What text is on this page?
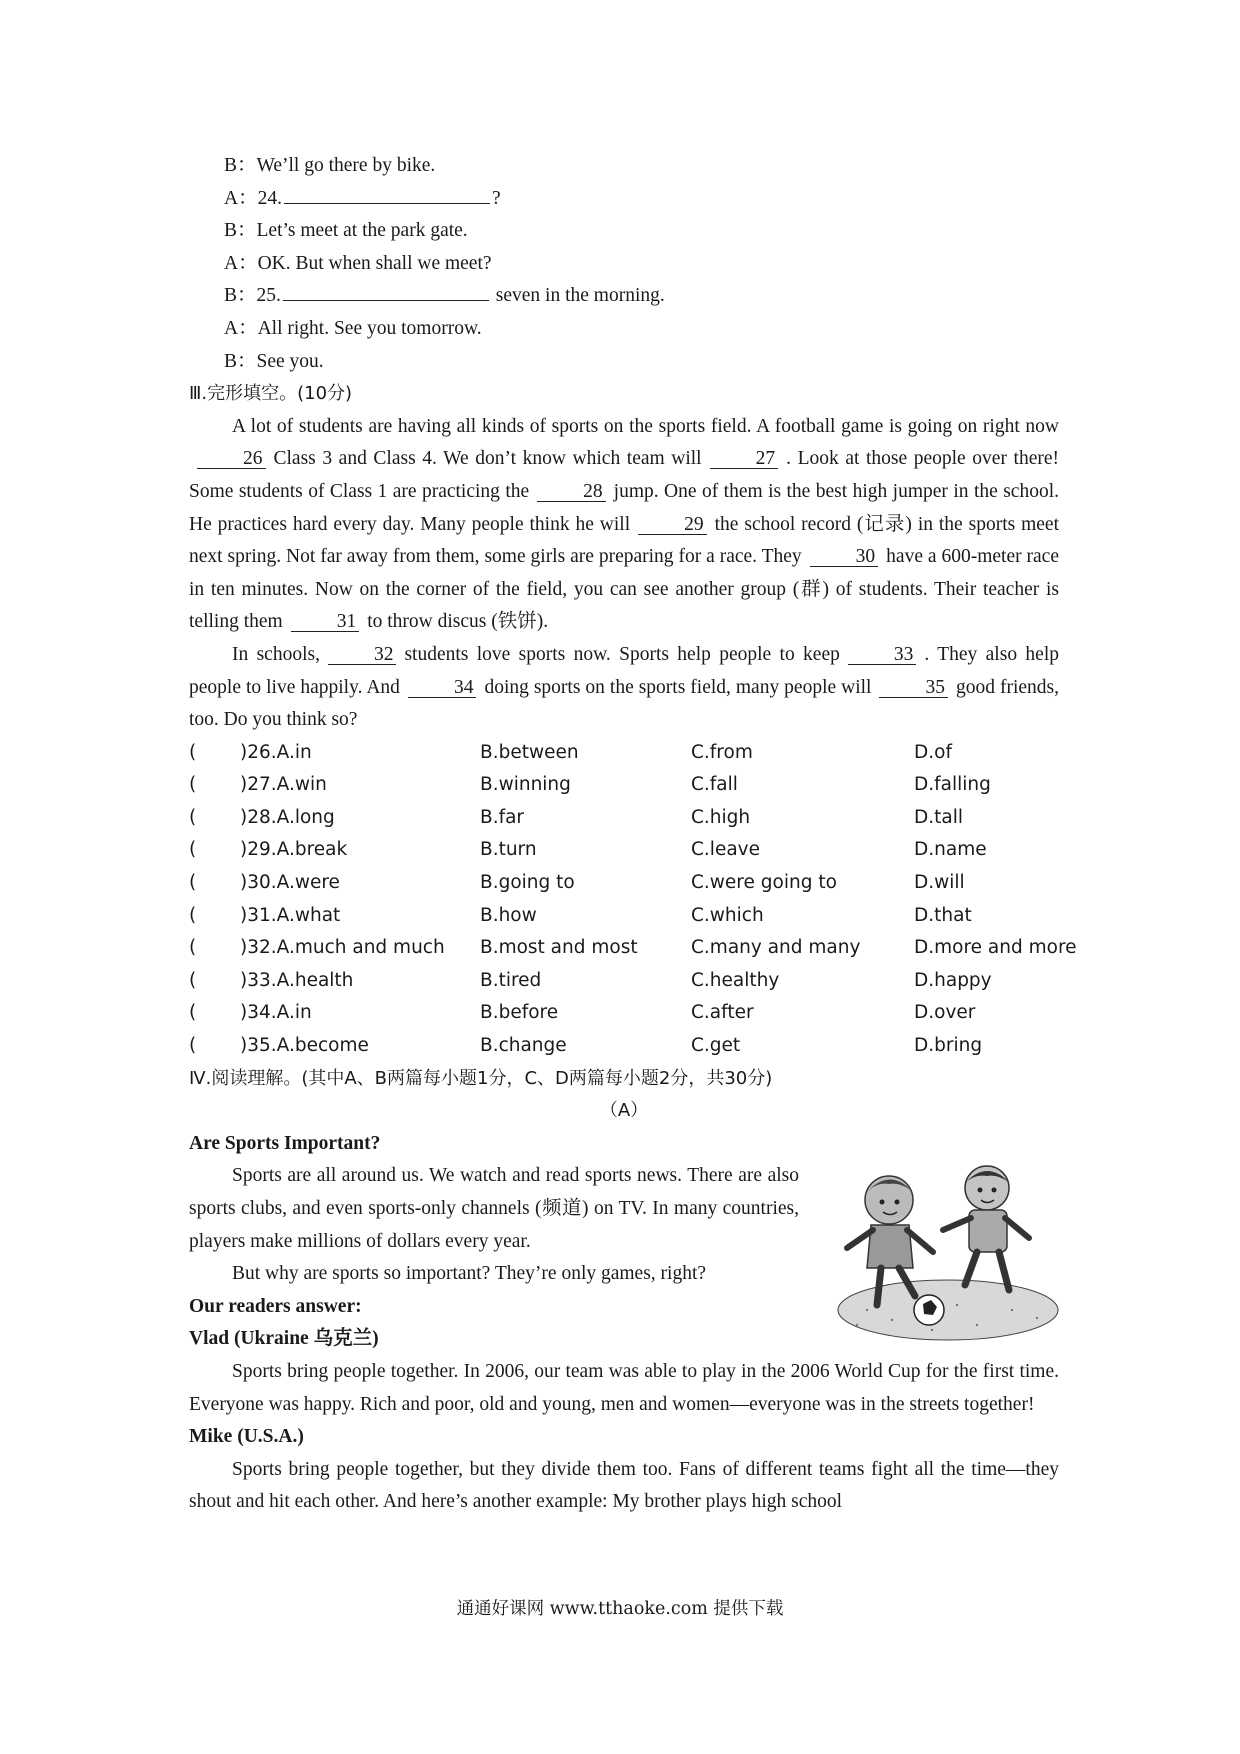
B：We’ll go there by bike.
A：24.	?
B：Let’s meet at the park gate.
A：OK. But when shall we meet?
B：25.	seven in the morning.
A：All right. See you tomorrow.
B：See you.
Ⅲ.完形填空。(10分)

A lot of students are having all kinds of sports on the sports field. A football game is going on right now26 Class 3 and Class 4. We don’t know which team will	27 . Look at those people over there! Some students of Class 1 are practicing the	28 jump. One of them is the best high jumper in the school. He practices hard every day. Many people think he will	29 the school record (记录) in the sports meet next spring. Not far away from them, some girls are preparing for a race. They	30 have a 600-meter race in ten minutes. Now on the corner of the field, you can see another group (群) of students. Their teacher is telling them	31 to throw discus (铁饼).

In schools,	32 students love sports now. Sports help people to keep	33 . They also help people to live happily. And	34 doing sports on the sports field, many people will	35 good friends, too. Do you think so?

( )26.A.in	B.between	C.from	D.of
( )27.A.win	B.winning	C.fall	D.falling
( )28.A.long	B.far	C.high	D.tall
( )29.A.break	B.turn	C.leave	D.name
( )30.A.were	B.going to	C.were going to	D.will
( )31.A.what	B.how	C.which	D.that
( )32.A.much and much B.most and most	C.many and many	D.more and more
( )33.A.health	B.tired	C.healthy	D.happy
( )34.A.in	B.before	C.after	D.over
( )35.A.become	B.change	C.get	D.bring
Ⅳ.阅读理解。(其中A、B两篇每小题1分，C、D两篇每小题2分，共30分)
（A）
Are Sports Important?

Sports are all around us. We watch and read sports news. There are also sports clubs, and even sports-only channels (频道) on TV. In many countries, players make millions of dollars every year.

But why are sports so important? They’re only games, right?

Our readers answer:
Vlad (Ukraine 乌克兰)

Sports bring people together. In 2006, our team was able to play in the 2006 World Cup for the first time. Everyone was happy. Rich and poor, old and young, men and women—everyone was in the streets together!

Mike (U.S.A.)

Sports bring people together, but they divide them too. Fans of different teams fight all the time—they shout and hit each other. And here’s another example: My brother plays high school

通通好课网 www.tthaoke.com 提供下载
